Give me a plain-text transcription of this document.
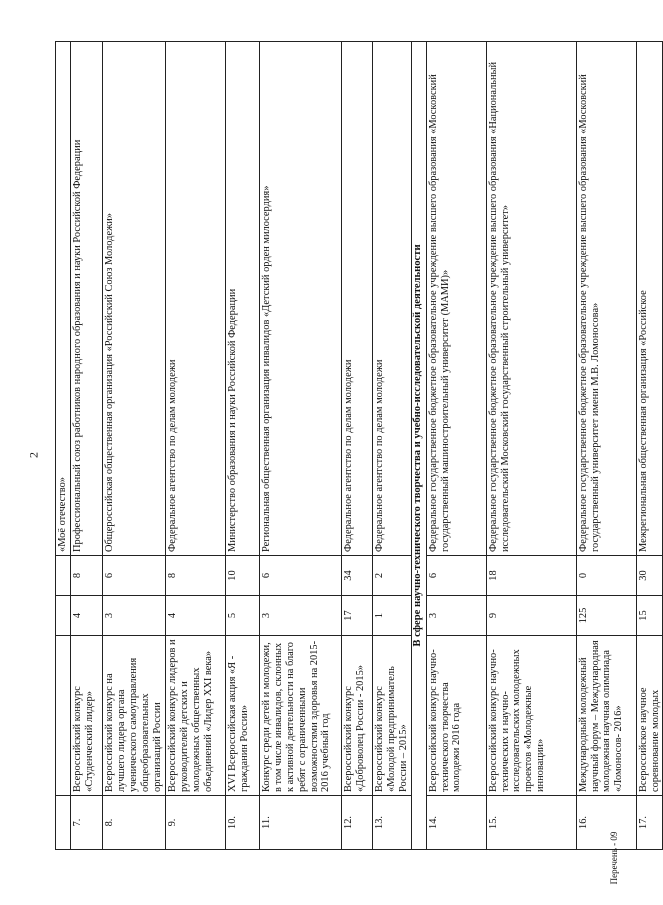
2
				«Моё отечество»
7.	Всероссийский конкурс «Студенческий лидер»	4	8	Профессиональный союз работников народного образования и науки Российской Федерации
8.	Всероссийский конкурс на лучшего лидера органа ученического самоуправления общеобразовательных организаций России	3	6	Общероссийская общественная организация «Российский Союз Молодежи»
9.	Всероссийский конкурс лидеров и руководителей детских и молодежных общественных объединений «Лидер XXI века»	4	8	Федеральное агентство по делам молодежи
10.	XVI Всероссийская акция «Я - гражданин России»	5	10	Министерство образования и науки Российской Федерации
11.	Конкурс среди детей и молодежи, в том числе инвалидов, склонных к активной деятельности на благо ребят с ограниченными возможностями здоровья на 2015-2016 учебный год	3	6	Региональная общественная организация инвалидов «Детский орден милосердия»
12.	Всероссийский конкурс «Доброволец России - 2015»	17	34	Федеральное агентство по делам молодежи
13.	Всероссийский конкурс «Молодой предприниматель России – 2015»	1	2	Федеральное агентство по делам молодежи
В сфере научно-технического творчества и учебно-исследовательской деятельности				
14.	Всероссийский конкурс научно-технического творчества молодежи 2016 года	3	6	Федеральное государственное бюджетное образовательное учреждение высшего образования «Московский государственный машиностроительный университет (МАМИ)»
15.	Всероссийский конкурс научно-технических и научно-исследовательских молодежных проектов «Молодежные инновации»	9	18	Федеральное государственное бюджетное образовательное учреждение высшего образования «Национальный исследовательский Московский государственный строительный университет»
16.	Международный молодежный научный форум – Международная молодежная научная олимпиада «Ломоносов- 2016»	125	0	Федеральное государственное бюджетное образовательное учреждение высшего образования «Московский государственный университет имени М.В. Ломоносова»
17.	Всероссийское научное соревнование молодых	15	30	Межрегиональная общественная организация «Российское
Перечень - 09
